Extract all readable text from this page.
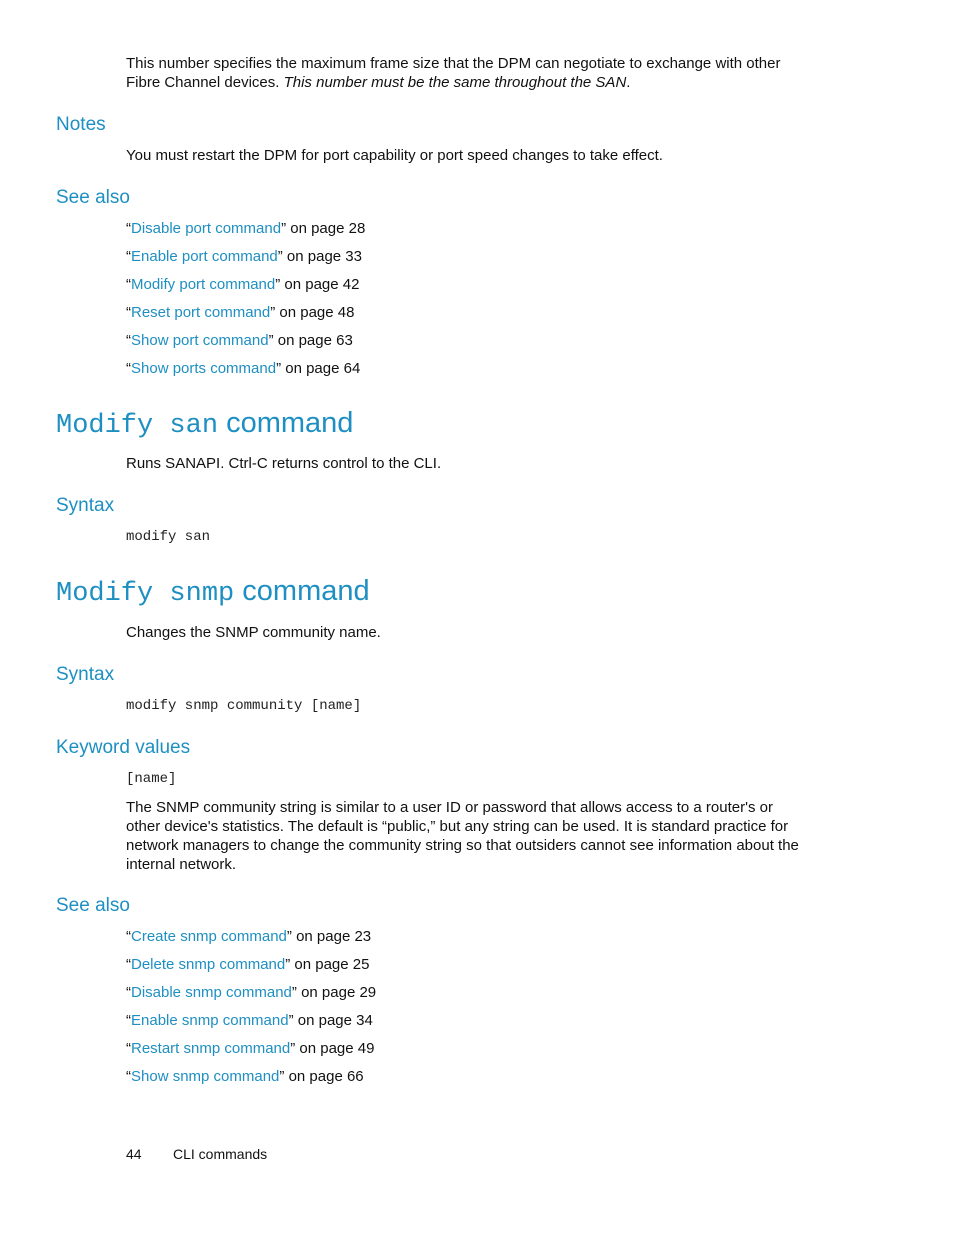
This number specifies the maximum frame size that the DPM can negotiate to exchange with other
Fibre Channel devices. This number must be the same throughout the SAN.
Notes
You must restart the DPM for port capability or port speed changes to take effect.
See also
“Disable port command” on page 28
“Enable port command” on page 33
“Modify port command” on page 42
“Reset port command” on page 48
“Show port command” on page 63
“Show ports command” on page 64
Modify san command
Runs SANAPI. Ctrl-C returns control to the CLI.
Syntax
modify san
Modify snmp command
Changes the SNMP community name.
Syntax
modify snmp community [name]
Keyword values
[name]
The SNMP community string is similar to a user ID or password that allows access to a router's or
other device's statistics. The default is “public,” but any string can be used. It is standard practice for
network managers to change the community string so that outsiders cannot see information about the
internal network.
See also
“Create snmp command” on page 23
“Delete snmp command” on page 25
“Disable snmp command” on page 29
“Enable snmp command” on page 34
“Restart snmp command” on page 49
“Show snmp command” on page 66
44 CLI commands
